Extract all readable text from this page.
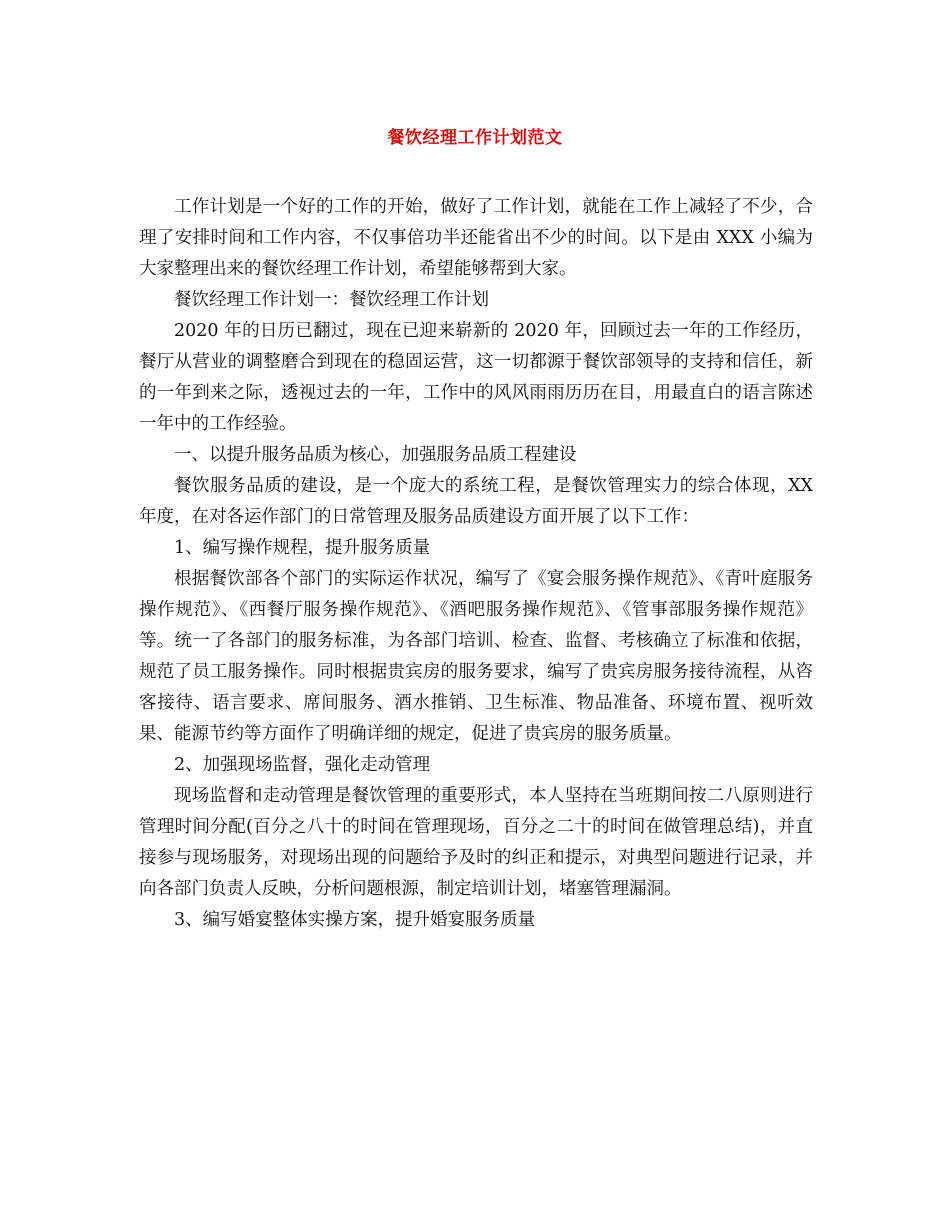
餐饮经理工作计划范文

工作计划是一个好的工作的开始，做好了工作计划，就能在工作上减轻了不少，合理了安排时间和工作内容，不仅事倍功半还能省出不少的时间。以下是由 XXX 小编为大家整理出来的餐饮经理工作计划，希望能够帮到大家。

餐饮经理工作计划一：餐饮经理工作计划

2020 年的日历已翻过，现在已迎来崭新的 2020 年，回顾过去一年的工作经历，餐厅从营业的调整磨合到现在的稳固运营，这一切都源于餐饮部领导的支持和信任，新的一年到来之际，透视过去的一年，工作中的风风雨雨历历在目，用最直白的语言陈述一年中的工作经验。

一、以提升服务品质为核心，加强服务品质工程建设

餐饮服务品质的建设，是一个庞大的系统工程，是餐饮管理实力的综合体现，XX 年度，在对各运作部门的日常管理及服务品质建设方面开展了以下工作：

1、编写操作规程，提升服务质量

根据餐饮部各个部门的实际运作状况，编写了《宴会服务操作规范》、《青叶庭服务操作规范》、《西餐厅服务操作规范》、《酒吧服务操作规范》、《管事部服务操作规范》等。统一了各部门的服务标准，为各部门培训、检查、监督、考核确立了标准和依据，规范了员工服务操作。同时根据贵宾房的服务要求，编写了贵宾房服务接待流程，从咨客接待、语言要求、席间服务、酒水推销、卫生标准、物品准备、环境布置、视听效果、能源节约等方面作了明确详细的规定，促进了贵宾房的服务质量。

2、加强现场监督，强化走动管理

现场监督和走动管理是餐饮管理的重要形式，本人坚持在当班期间按二八原则进行管理时间分配(百分之八十的时间在管理现场，百分之二十的时间在做管理总结)，并直接参与现场服务，对现场出现的问题给予及时的纠正和提示，对典型问题进行记录，并向各部门负责人反映，分析问题根源，制定培训计划，堵塞管理漏洞。

3、编写婚宴整体实操方案，提升婚宴服务质量
